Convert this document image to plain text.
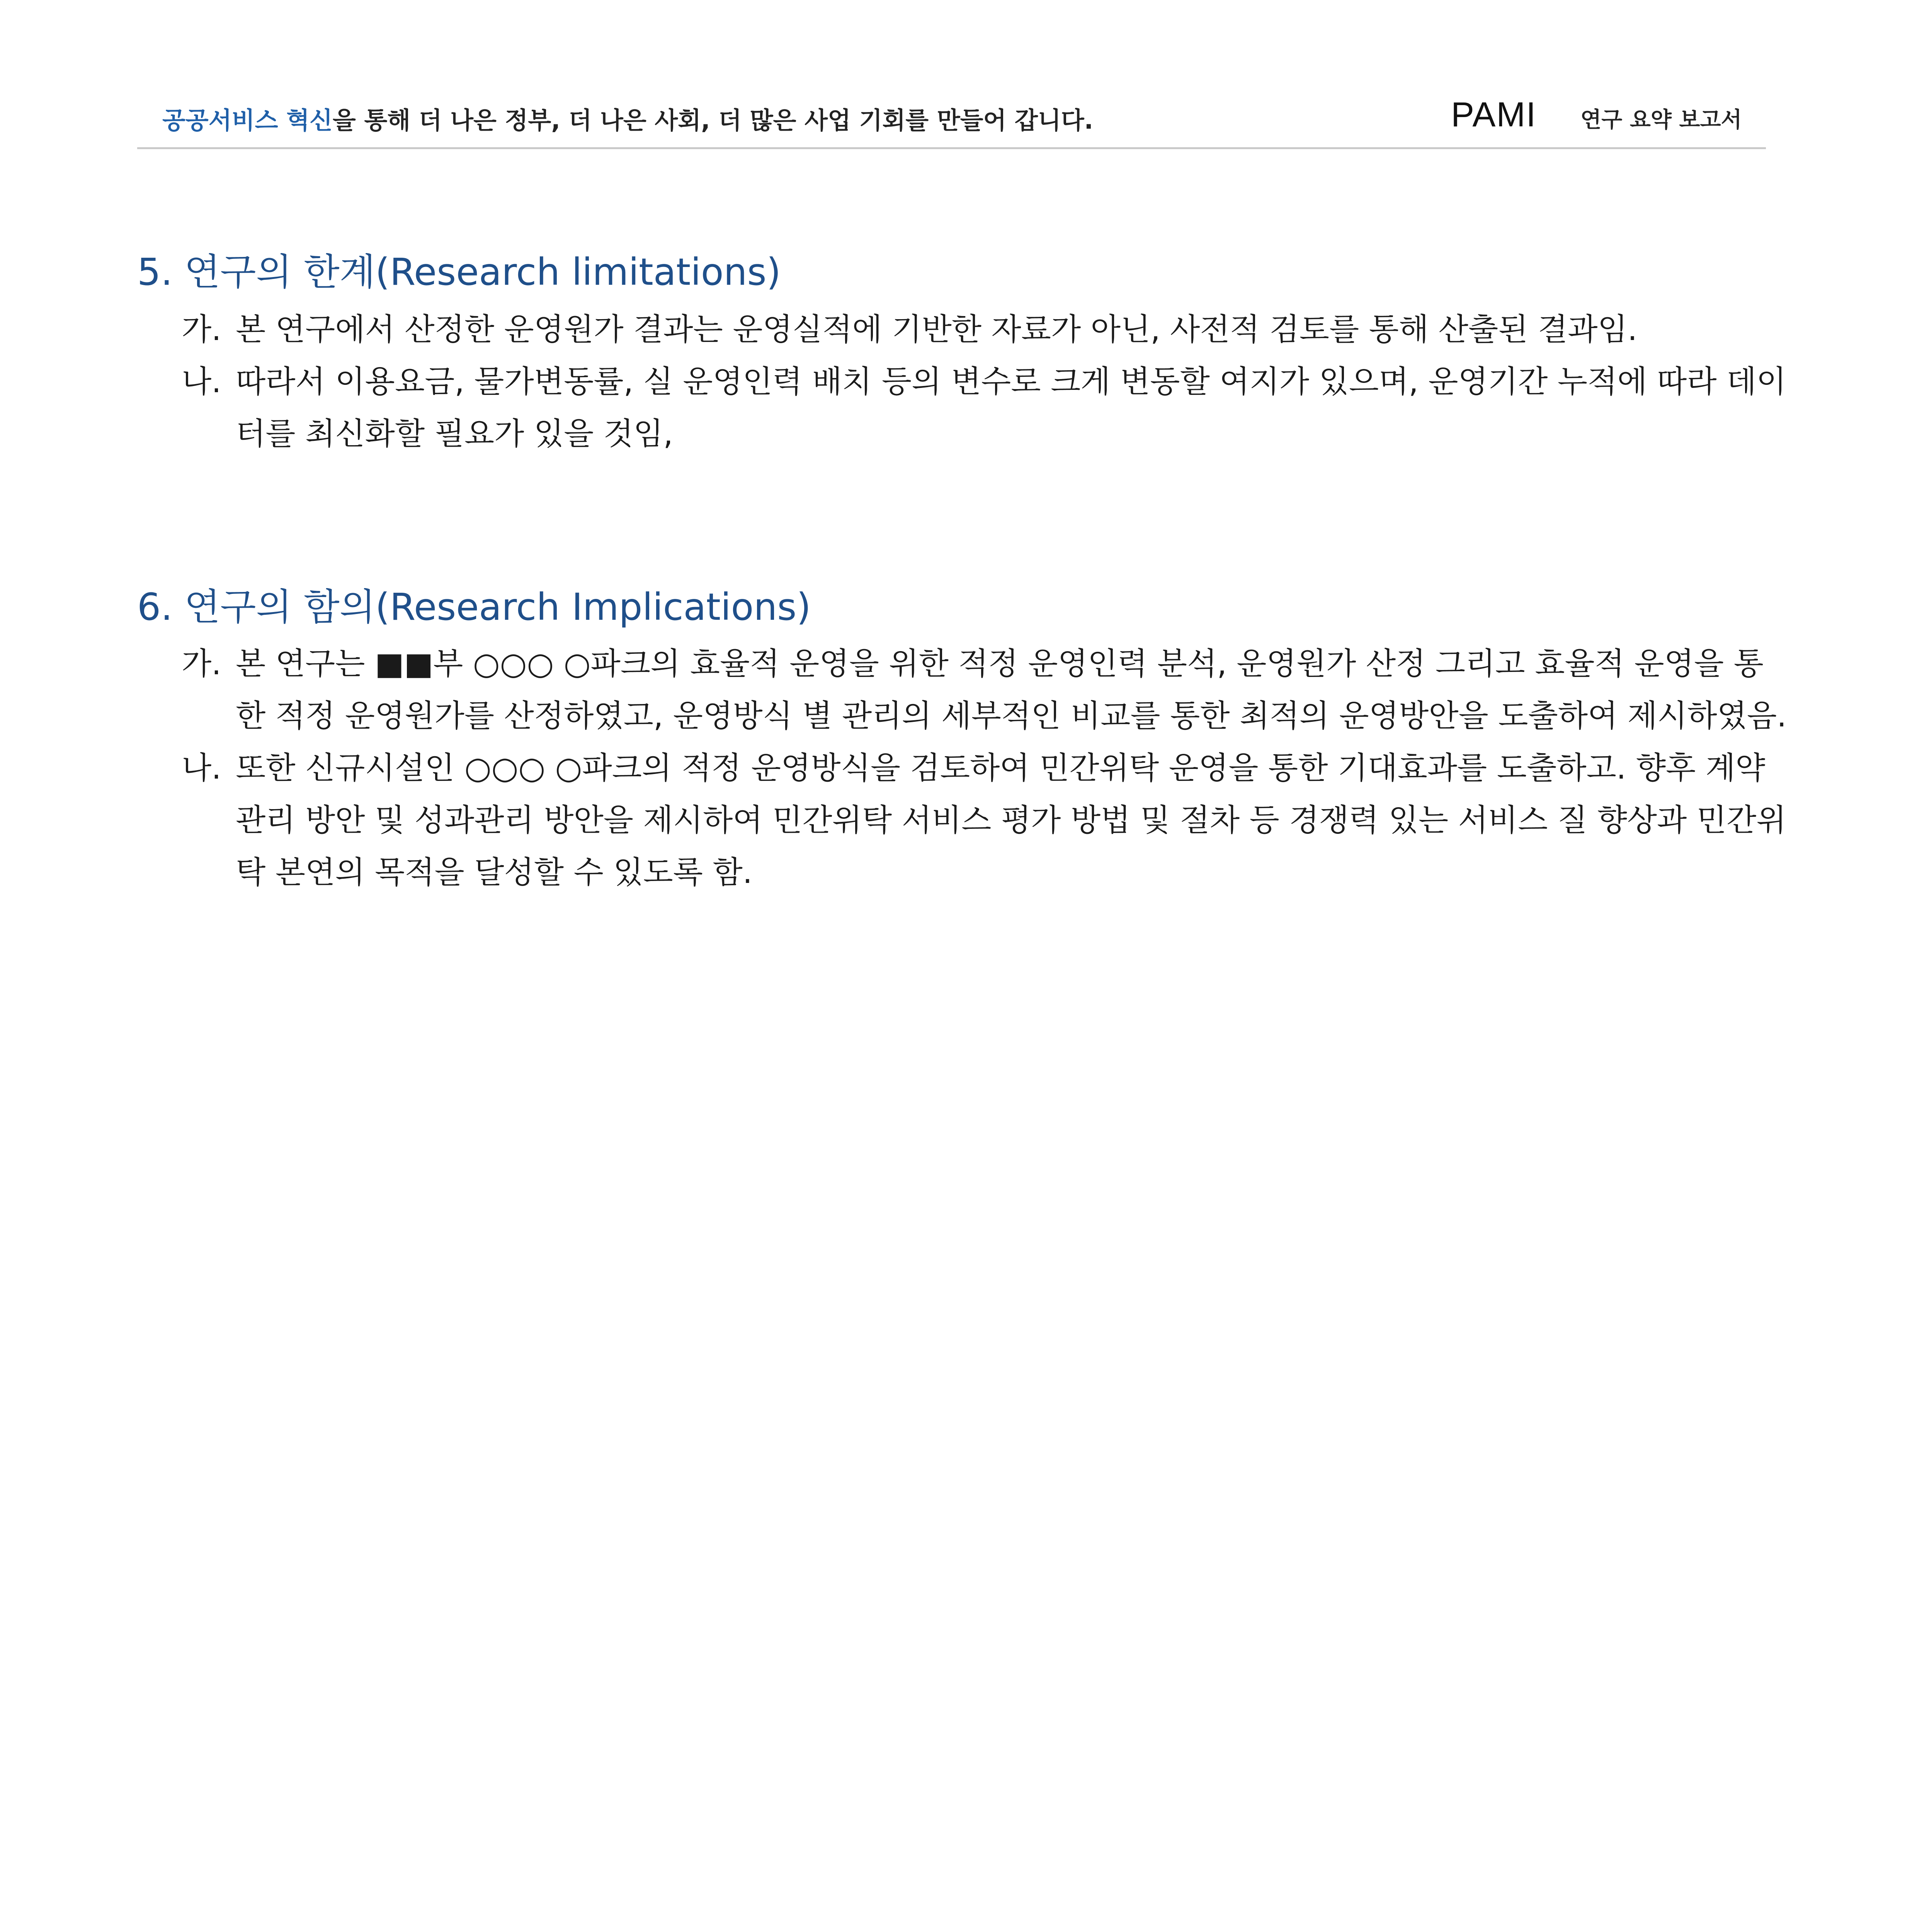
공공서비스 혁신을 통해 더 나은 정부, 더 나은 사회, 더 많은 사업 기회를 만들어 갑니다.	PAMI 연구 요약 보고서
5. 연구의 한계(Research limitations)
가. 본 연구에서 산정한 운영원가 결과는 운영실적에 기반한 자료가 아닌, 사전적 검토를 통해 산출된 결과임.
나. 따라서 이용요금, 물가변동률, 실 운영인력 배치 등의 변수로 크게 변동할 여지가 있으며, 운영기간 누적에 따라 데이터를 최신화할 필요가 있을 것임,
6. 연구의 함의(Research Implications)
가. 본 연구는 ■■부 ○○○ ○파크의 효율적 운영을 위한 적정 운영인력 분석, 운영원가 산정 그리고 효율적 운영을 통한 적정 운영원가를 산정하였고, 운영방식 별 관리의 세부적인 비교를 통한 최적의 운영방안을 도출하여 제시하였음.
나. 또한 신규시설인 ○○○ ○파크의 적정 운영방식을 검토하여 민간위탁 운영을 통한 기대효과를 도출하고. 향후 계약관리 방안 및 성과관리 방안을 제시하여 민간위탁 서비스 평가 방법 및 절차 등 경쟁력 있는 서비스 질 향상과 민간위탁 본연의 목적을 달성할 수 있도록 함.
